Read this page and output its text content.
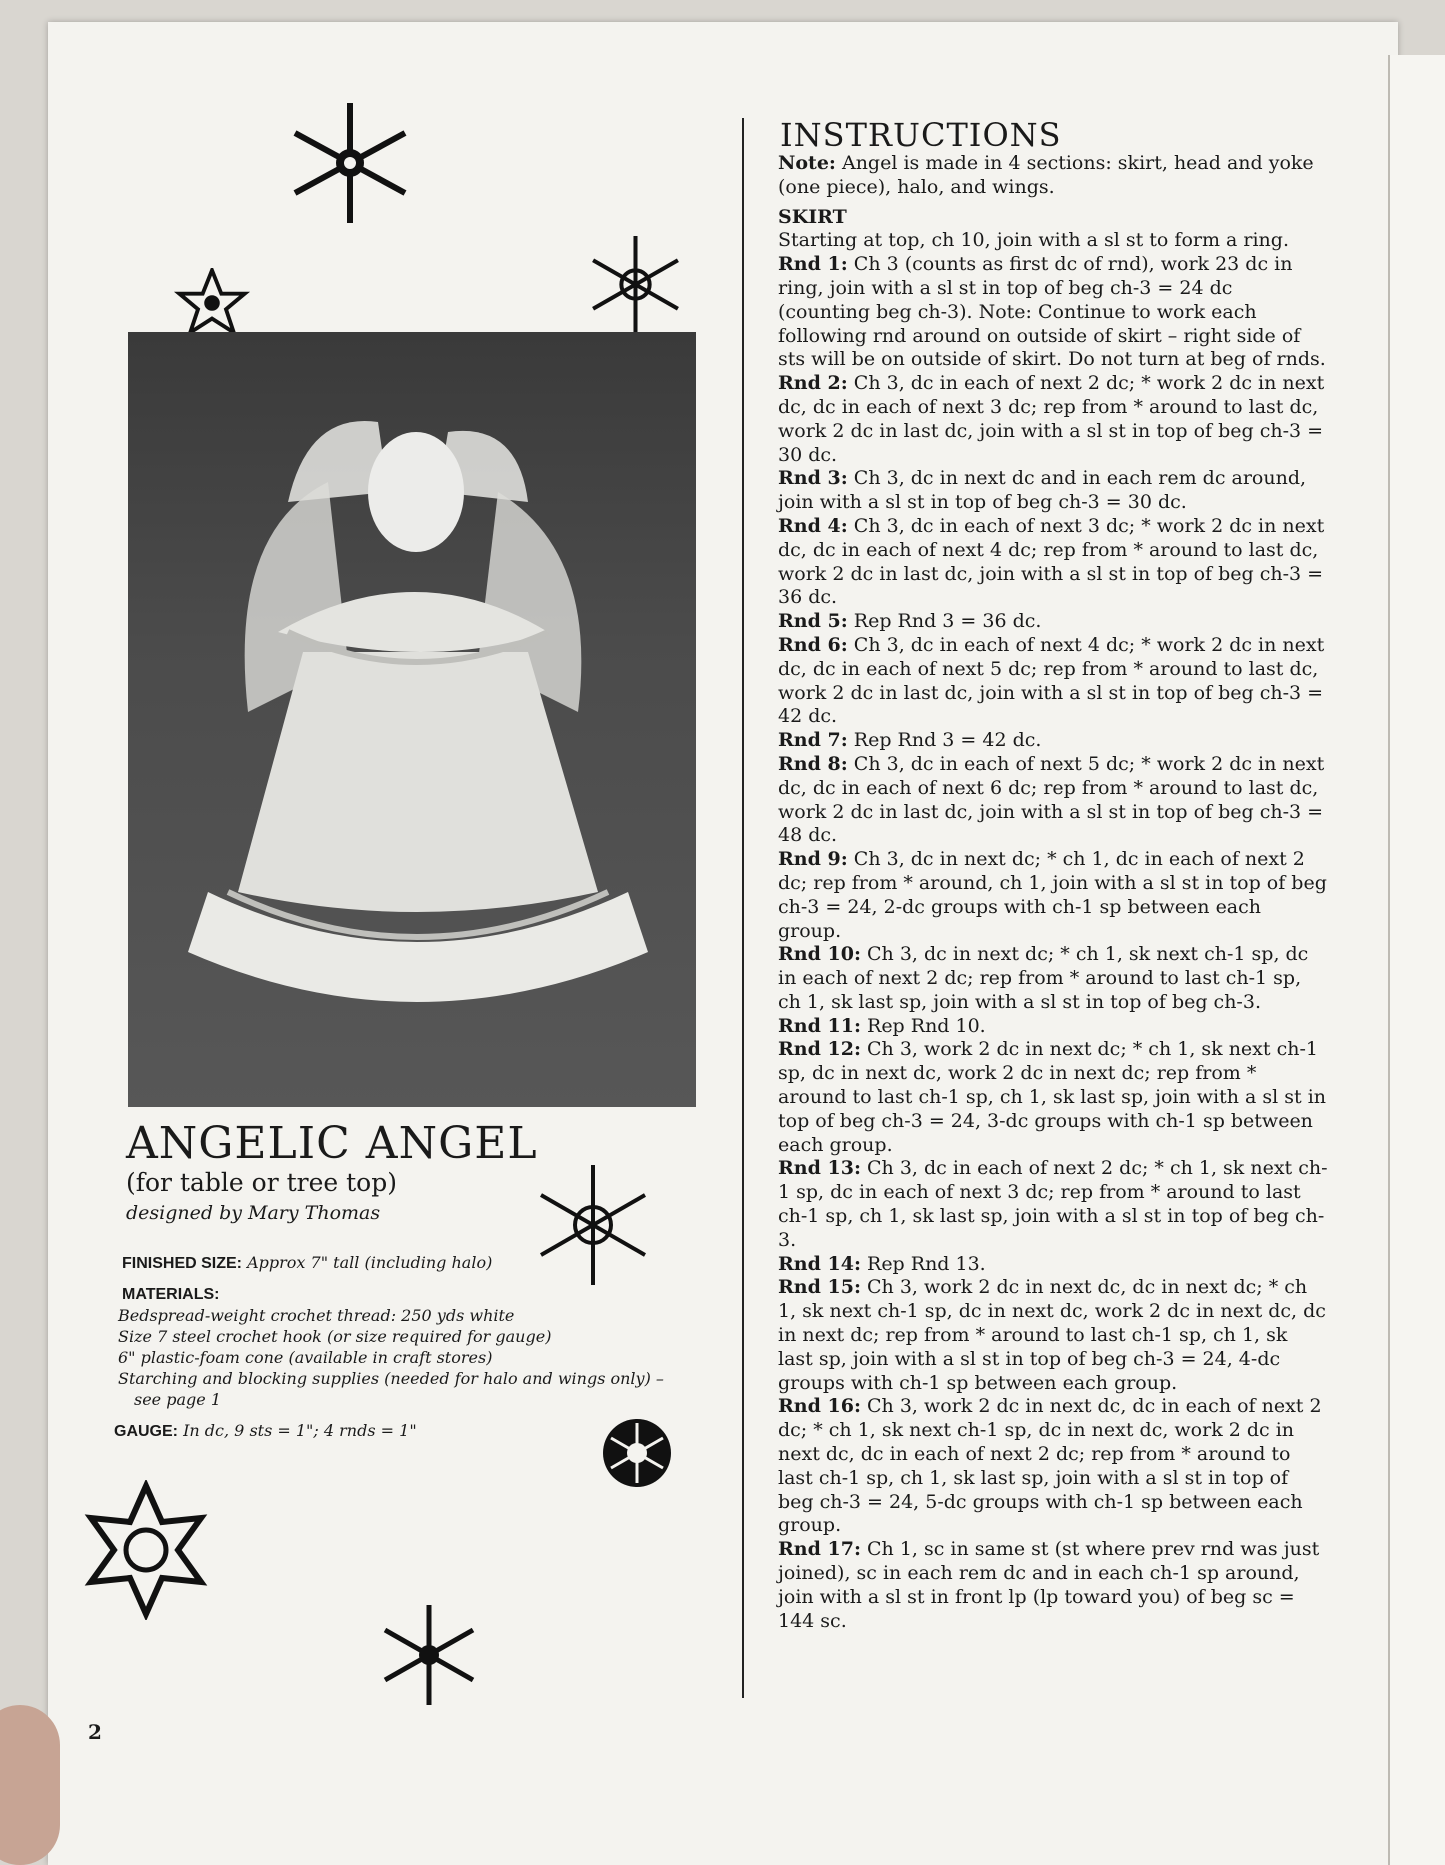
ANGELIC ANGEL
(for table or tree top)
designed by Mary Thomas
FINISHED SIZE: Approx 7" tall (including halo)
MATERIALS:
Bedspread-weight crochet thread: 250 yds white
Size 7 steel crochet hook (or size required for gauge)
6" plastic-foam cone (available in craft stores)
Starching and blocking supplies (needed for halo and wings only) –
see page 1
GAUGE: In dc, 9 sts = 1"; 4 rnds = 1"
2
INSTRUCTIONS

Note: Angel is made in 4 sections: skirt, head and yoke (one piece), halo, and wings.

SKIRT

Starting at top, ch 10, join with a sl st to form a ring.

Rnd 1: Ch 3 (counts as first dc of rnd), work 23 dc in ring, join with a sl st in top of beg ch-3 = 24 dc (counting beg ch-3). Note: Continue to work each following rnd around on outside of skirt – right side of sts will be on outside of skirt. Do not turn at beg of rnds.

Rnd 2: Ch 3, dc in each of next 2 dc; * work 2 dc in next dc, dc in each of next 3 dc; rep from * around to last dc, work 2 dc in last dc, join with a sl st in top of beg ch-3 = 30 dc.

Rnd 3: Ch 3, dc in next dc and in each rem dc around, join with a sl st in top of beg ch-3 = 30 dc.

Rnd 4: Ch 3, dc in each of next 3 dc; * work 2 dc in next dc, dc in each of next 4 dc; rep from * around to last dc, work 2 dc in last dc, join with a sl st in top of beg ch-3 = 36 dc.

Rnd 5: Rep Rnd 3 = 36 dc.

Rnd 6: Ch 3, dc in each of next 4 dc; * work 2 dc in next dc, dc in each of next 5 dc; rep from * around to last dc, work 2 dc in last dc, join with a sl st in top of beg ch-3 = 42 dc.

Rnd 7: Rep Rnd 3 = 42 dc.

Rnd 8: Ch 3, dc in each of next 5 dc; * work 2 dc in next dc, dc in each of next 6 dc; rep from * around to last dc, work 2 dc in last dc, join with a sl st in top of beg ch-3 = 48 dc.

Rnd 9: Ch 3, dc in next dc; * ch 1, dc in each of next 2 dc; rep from * around, ch 1, join with a sl st in top of beg ch-3 = 24, 2-dc groups with ch-1 sp between each group.

Rnd 10: Ch 3, dc in next dc; * ch 1, sk next ch-1 sp, dc in each of next 2 dc; rep from * around to last ch-1 sp, ch 1, sk last sp, join with a sl st in top of beg ch-3.

Rnd 11: Rep Rnd 10.

Rnd 12: Ch 3, work 2 dc in next dc; * ch 1, sk next ch-1 sp, dc in next dc, work 2 dc in next dc; rep from * around to last ch-1 sp, ch 1, sk last sp, join with a sl st in top of beg ch-3 = 24, 3-dc groups with ch-1 sp between each group.

Rnd 13: Ch 3, dc in each of next 2 dc; * ch 1, sk next ch-1 sp, dc in each of next 3 dc; rep from * around to last ch-1 sp, ch 1, sk last sp, join with a sl st in top of beg ch-3.

Rnd 14: Rep Rnd 13.

Rnd 15: Ch 3, work 2 dc in next dc, dc in next dc; * ch 1, sk next ch-1 sp, dc in next dc, work 2 dc in next dc, dc in next dc; rep from * around to last ch-1 sp, ch 1, sk last sp, join with a sl st in top of beg ch-3 = 24, 4-dc groups with ch-1 sp between each group.

Rnd 16: Ch 3, work 2 dc in next dc, dc in each of next 2 dc; * ch 1, sk next ch-1 sp, dc in next dc, work 2 dc in next dc, dc in each of next 2 dc; rep from * around to last ch-1 sp, ch 1, sk last sp, join with a sl st in top of beg ch-3 = 24, 5-dc groups with ch-1 sp between each group.

Rnd 17: Ch 1, sc in same st (st where prev rnd was just joined), sc in each rem dc and in each ch-1 sp around, join with a sl st in front lp (lp toward you) of beg sc = 144 sc.
